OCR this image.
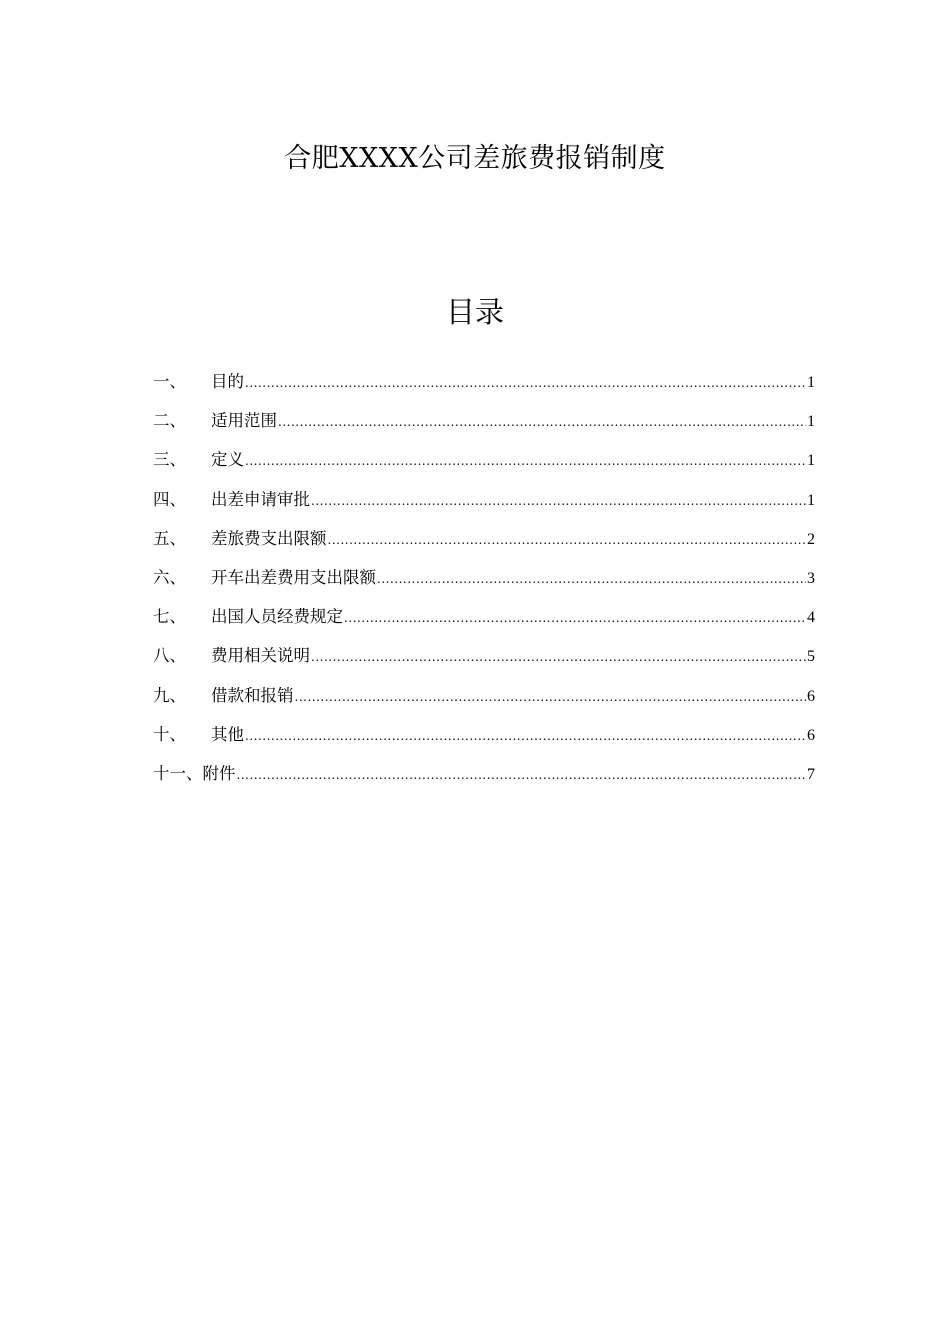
合肥XXXX公司差旅费报销制度
目录
一、	目的 .....	1
二、	适用范围 .....	1
三、	定义 .....	1
四、	出差申请审批 .....	1
五、	差旅费支出限额 .....	2
六、	开车出差费用支出限额 .....	3
七、	出国人员经费规定 .....	4
八、	费用相关说明 .....	5
九、	借款和报销 .....	6
十、	其他 .....	6
十一、 附件 .....	7
